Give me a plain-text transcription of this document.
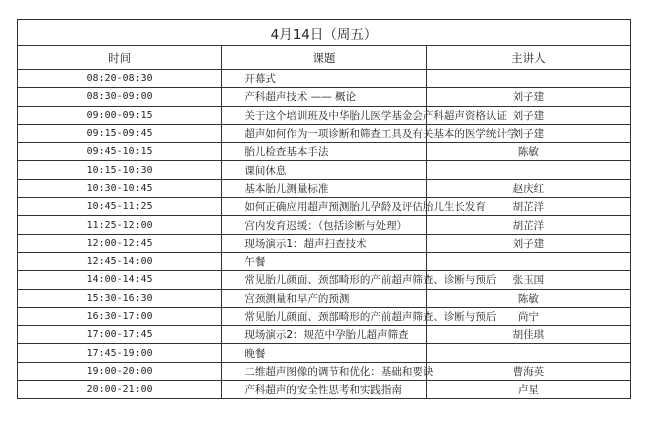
4月14日（周五）		
时间	课题	主讲人
08:20-08:30	开幕式	
08:30-09:00	产科超声技术 —— 概论	刘子建
09:00-09:15	关于这个培训班及中华胎儿医学基金会产科超声资格认证	刘子建
09:15-09:45	超声如何作为一项诊断和筛查工具及有关基本的医学统计学	刘子建
09:45-10:15	胎儿检查基本手法	陈敏
10:15-10:30	课间休息	
10:30-10:45	基本胎儿测量标准	赵庆红
10:45-11:25	如何正确应用超声预测胎儿孕龄及评估胎儿生长发育	胡芷洋
11:25-12:00	宫内发育迟缓：（包括诊断与处理）	胡芷洋
12:00-12:45	现场演示1：超声扫查技术	刘子建
12:45-14:00	午餐	
14:00-14:45	常见胎儿颜面、颈部畸形的产前超声筛查、诊断与预后	张玉国
15:30-16:30	宫颈测量和早产的预测	陈敏
16:30-17:00	常见胎儿颜面、颈部畸形的产前超声筛查、诊断与预后	尚宁
17:00-17:45	现场演示2：规范中孕胎儿超声筛查	胡佳琪
17:45-19:00	晚餐	
19:00-20:00	二维超声图像的调节和优化：基础和要诀	曹海英
20:00-21:00	产科超声的安全性思考和实践指南	卢星
